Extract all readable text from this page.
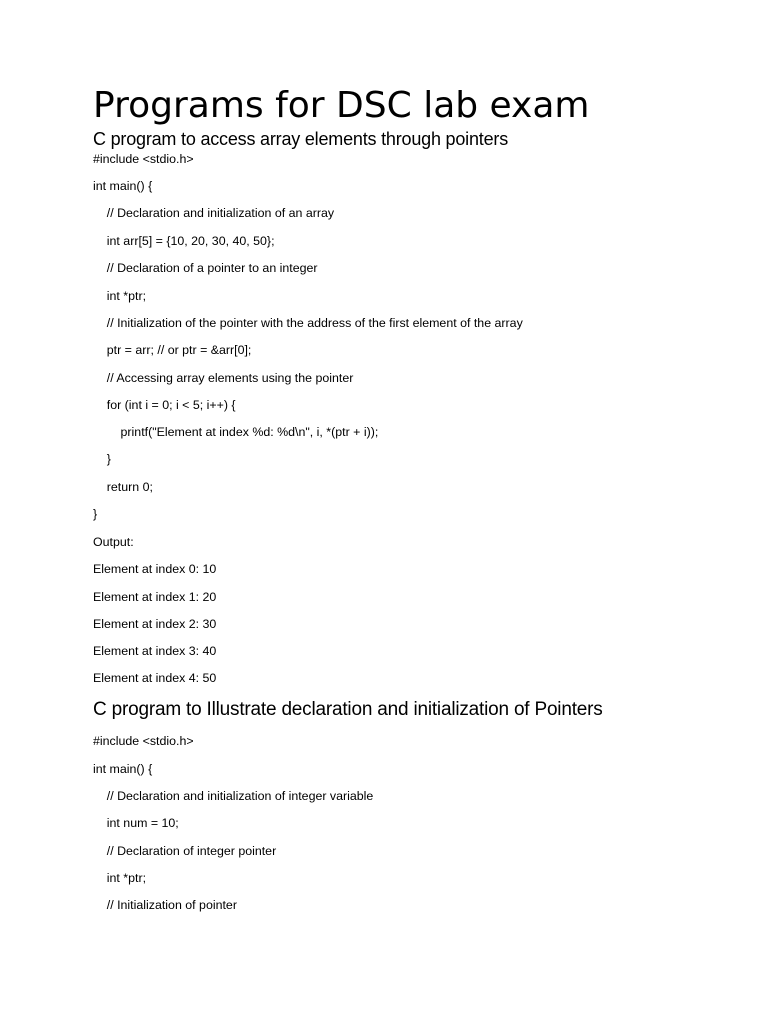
Programs for DSC lab exam
C program to access array elements through pointers
#include <stdio.h>
int main() {
// Declaration and initialization of an array
int arr[5] = {10, 20, 30, 40, 50};
// Declaration of a pointer to an integer
int *ptr;
// Initialization of the pointer with the address of the first element of the array
ptr = arr; // or ptr = &arr[0];
// Accessing array elements using the pointer
for (int i = 0; i < 5; i++) {
printf("Element at index %d: %d\n", i, *(ptr + i));
}
return 0;
}
Output:
Element at index 0: 10
Element at index 1: 20
Element at index 2: 30
Element at index 3: 40
Element at index 4: 50
C program to Illustrate declaration and initialization of Pointers
#include <stdio.h>
int main() {
// Declaration and initialization of integer variable
int num = 10;
// Declaration of integer pointer
int *ptr;
// Initialization of pointer
